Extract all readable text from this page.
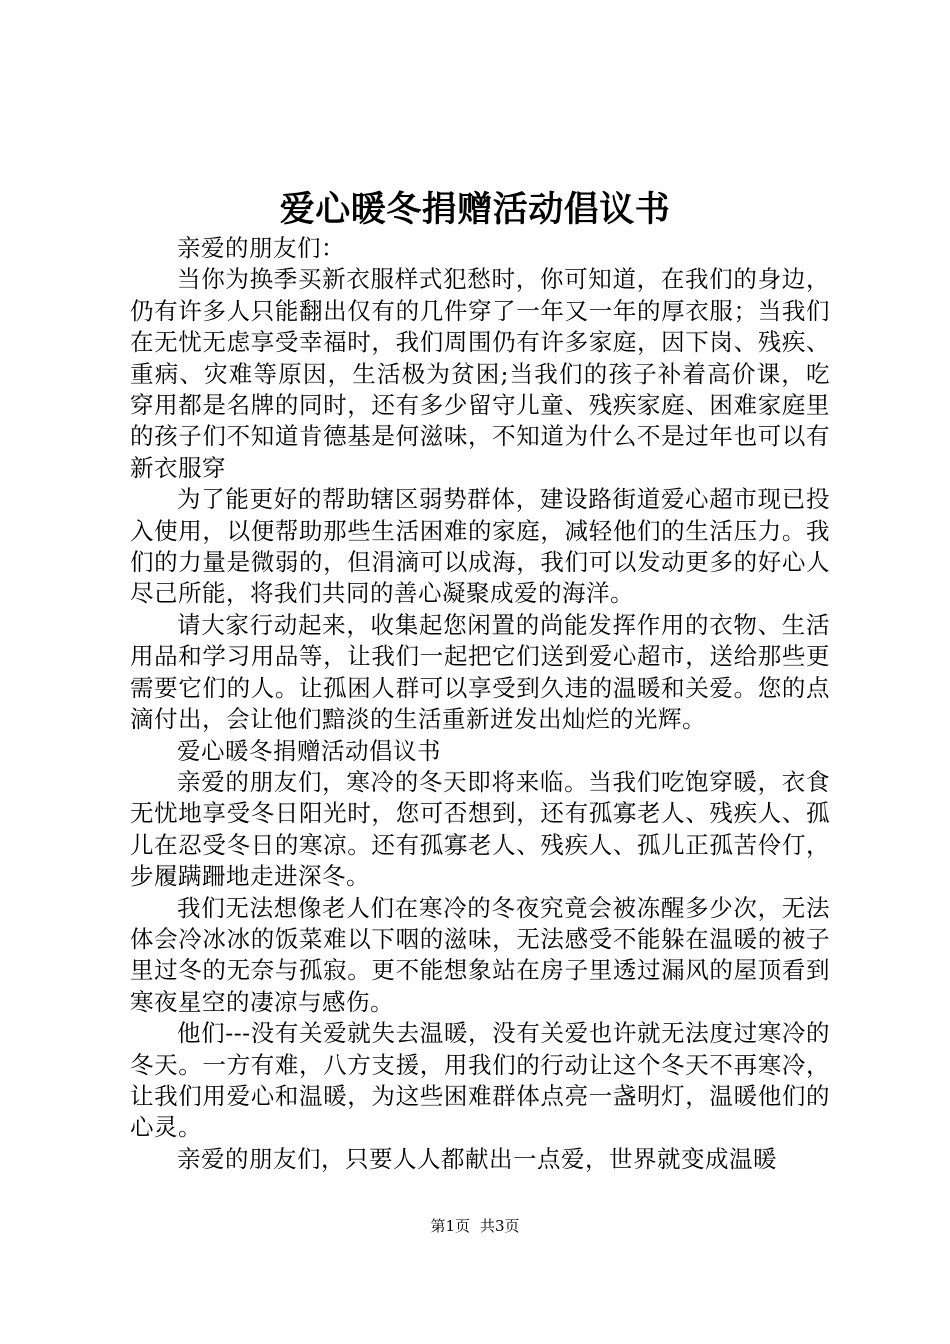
爱心暖冬捐赠活动倡议书

亲爱的朋友们：

当你为换季买新衣服样式犯愁时，你可知道，在我们的身边，仍有许多人只能翻出仅有的几件穿了一年又一年的厚衣服；当我们在无忧无虑享受幸福时，我们周围仍有许多家庭，因下岗、残疾、重病、灾难等原因，生活极为贫困;当我们的孩子补着高价课，吃穿用都是名牌的同时，还有多少留守儿童、残疾家庭、困难家庭里的孩子们不知道肯德基是何滋味，不知道为什么不是过年也可以有新衣服穿

为了能更好的帮助辖区弱势群体，建设路街道爱心超市现已投入使用，以便帮助那些生活困难的家庭，减轻他们的生活压力。我们的力量是微弱的，但涓滴可以成海，我们可以发动更多的好心人尽己所能，将我们共同的善心凝聚成爱的海洋。

请大家行动起来，收集起您闲置的尚能发挥作用的衣物、生活用品和学习用品等，让我们一起把它们送到爱心超市，送给那些更需要它们的人。让孤困人群可以享受到久违的温暖和关爱。您的点滴付出，会让他们黯淡的生活重新迸发出灿烂的光辉。

爱心暖冬捐赠活动倡议书

亲爱的朋友们，寒冷的冬天即将来临。当我们吃饱穿暖，衣食无忧地享受冬日阳光时，您可否想到，还有孤寡老人、残疾人、孤儿在忍受冬日的寒凉。还有孤寡老人、残疾人、孤儿正孤苦伶仃，步履蹒跚地走进深冬。

我们无法想像老人们在寒冷的冬夜究竟会被冻醒多少次，无法体会冷冰冰的饭菜难以下咽的滋味，无法感受不能躲在温暖的被子里过冬的无奈与孤寂。更不能想象站在房子里透过漏风的屋顶看到寒夜星空的凄凉与感伤。

他们---没有关爱就失去温暖，没有关爱也许就无法度过寒冷的冬天。一方有难，八方支援，用我们的行动让这个冬天不再寒冷，让我们用爱心和温暖，为这些困难群体点亮一盏明灯，温暖他们的心灵。

亲爱的朋友们，只要人人都献出一点爱，世界就变成温暖

第1页 共3页
